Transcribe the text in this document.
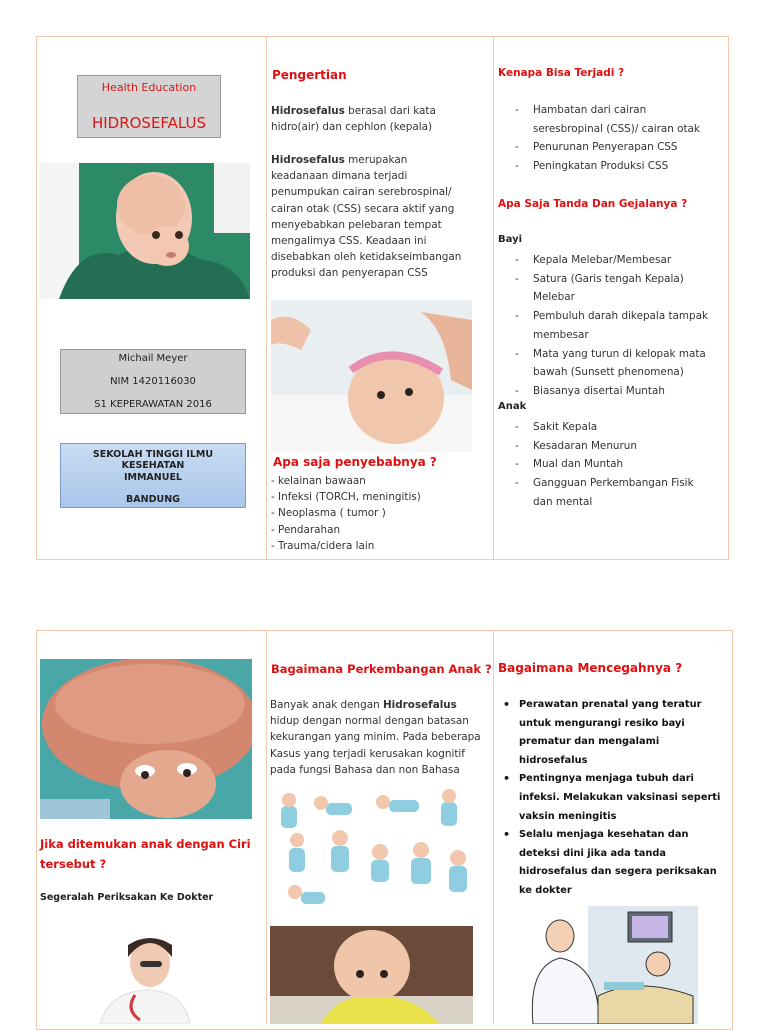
Health Education
HIDROSEFALUS
Michail Meyer
NIM 1420116030
S1 KEPERAWATAN 2016
SEKOLAH TINGGI ILMU KESEHATAN
IMMANUEL
BANDUNG
Pengertian
Hidrosefalus berasal dari kata hidro(air) dan cephlon (kepala)
Hidrosefalus merupakan keadanaan dimana terjadi penumpukan cairan serebrospinal/ cairan otak (CSS) secara aktif yang menyebabkan pelebaran tempat mengalimya CSS. Keadaan ini disebabkan oleh ketidakseimbangan produksi dan penyerapan CSS
Apa saja penyebabnya ?
- kelainan bawaan
- Infeksi (TORCH, meningitis)
- Neoplasma ( tumor )
- Pendarahan
- Trauma/cidera lain
Kenapa Bisa Terjadi ?
- Hambatan dari cairan seresbropinal (CSS)/ cairan otak
- Penurunan Penyerapan CSS
- Peningkatan Produksi CSS
Apa Saja Tanda Dan Gejalanya ?
Bayi
- Kepala Melebar/Membesar
- Satura (Garis tengah Kepala) Melebar
- Pembuluh darah dikepala tampak membesar
- Mata yang turun di kelopak mata bawah (Sunsett phenomena)
- Biasanya disertai Muntah
Anak
- Sakit Kepala
- Kesadaran Menurun
- Mual dan Muntah
- Gangguan Perkembangan Fisik dan mental
Jika ditemukan anak dengan Ciri tersebut ?
Segeralah Periksakan Ke Dokter
Bagaimana Perkembangan Anak ?
Banyak anak dengan Hidrosefalus hidup dengan normal dengan batasan kekurangan yang minim. Pada beberapa Kasus yang terjadi kerusakan kognitif pada fungsi Bahasa dan non Bahasa
Bagaimana Mencegahnya ?
• Perawatan prenatal yang teratur untuk mengurangi resiko bayi prematur dan mengalami hidrosefalus
• Pentingnya menjaga tubuh dari infeksi. Melakukan vaksinasi seperti vaksin meningitis
• Selalu menjaga kesehatan dan deteksi dini jika ada tanda hidrosefalus dan segera periksakan ke dokter
